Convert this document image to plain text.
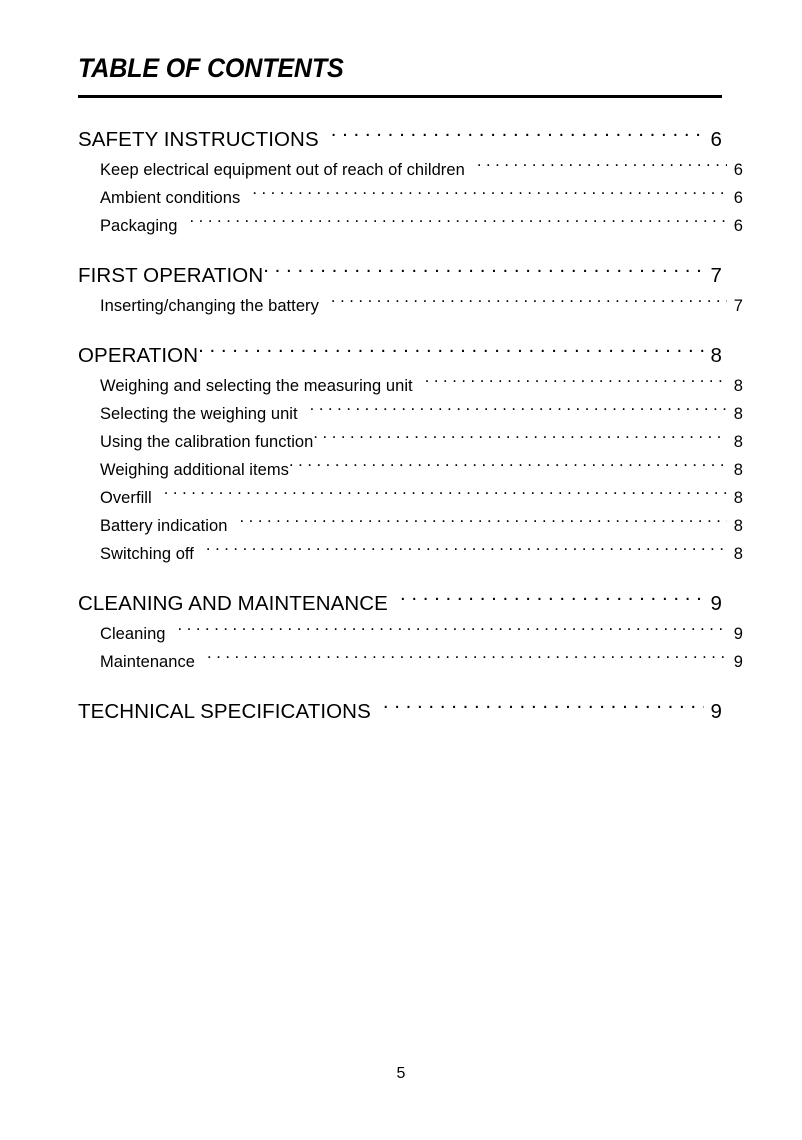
TABLE OF CONTENTS
SAFETY INSTRUCTIONS . . .	6
Keep electrical equipment out of reach of children . . .	6
Ambient conditions . . .	6
Packaging . . .	6
FIRST OPERATION . . .	7
Inserting/changing the battery . . .	7
OPERATION . . .	8
Weighing and selecting the measuring unit . . .	8
Selecting the weighing unit . . .	8
Using the calibration function . . .	8
Weighing additional items . . .	8
Overfill . . .	8
Battery indication . . .	8
Switching off . . .	8
CLEANING AND MAINTENANCE . . .	9
Cleaning . . .	9
Maintenance . . .	9
TECHNICAL SPECIFICATIONS . . .	9
5
